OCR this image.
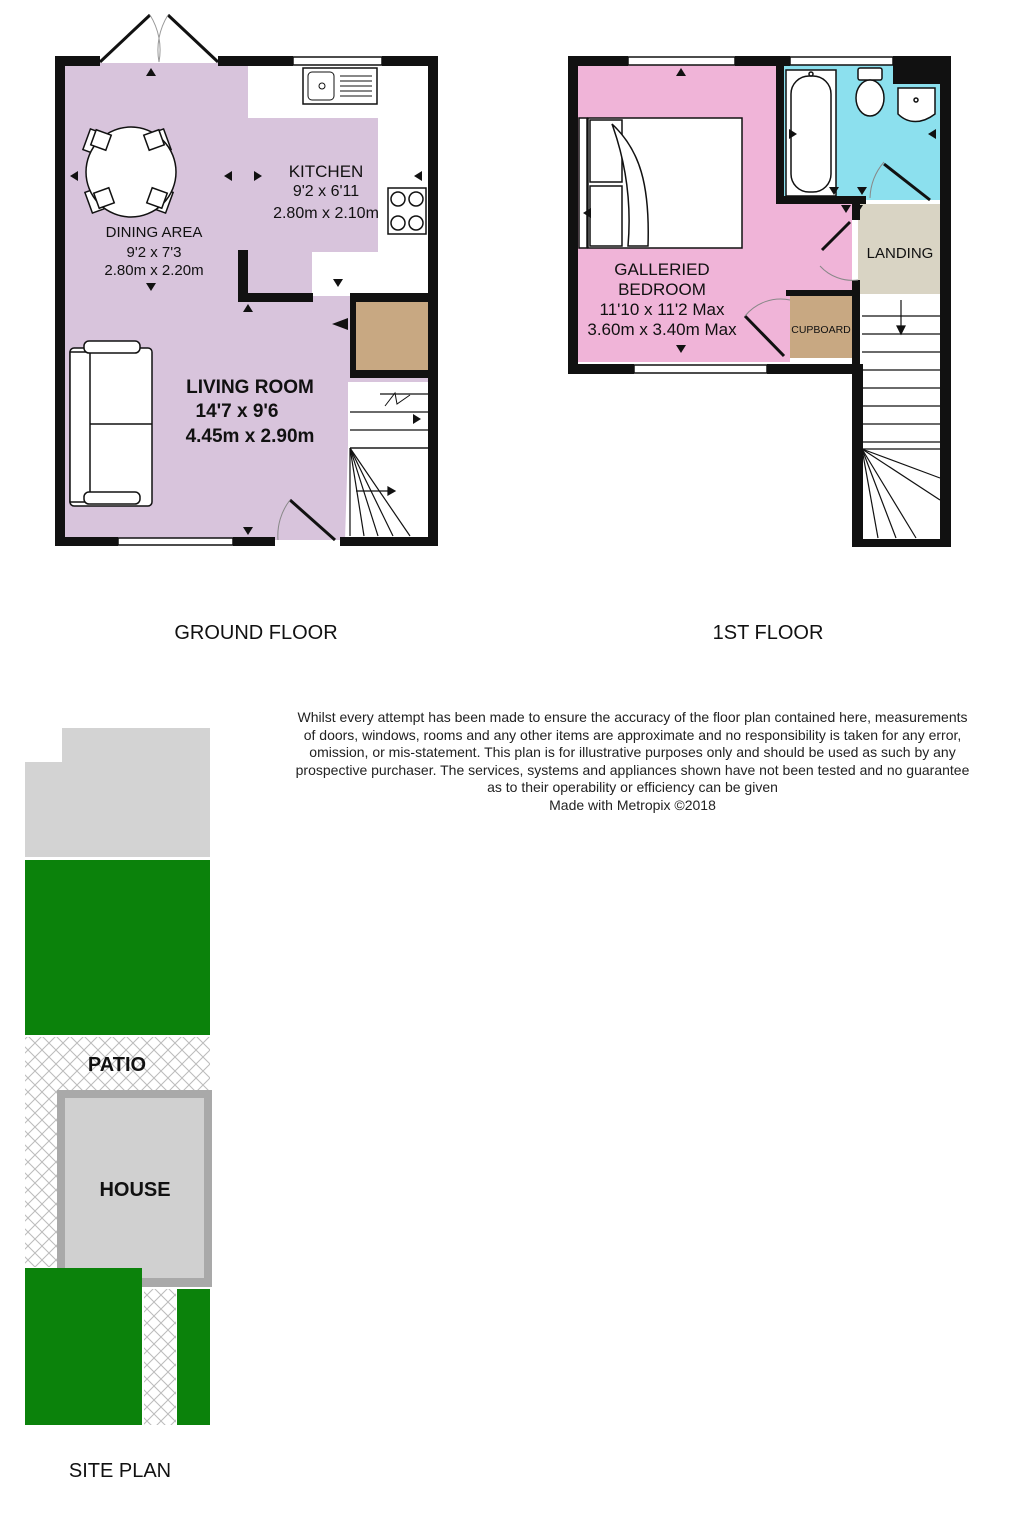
KITCHEN
9'2 x 6'11
2.80m x 2.10m
DINING AREA
9'2 x 7'3
2.80m x 2.20m
LIVING ROOM
14'7 x 9'6
4.45m x 2.90m
GALLERIED
BEDROOM
11'10 x 11'2 Max
3.60m x 3.40m Max
LANDING
CUPBOARD
GROUND FLOOR	1ST FLOOR
PATIO
HOUSE
SITE PLAN
Whilst every attempt has been made to ensure the accuracy of the floor plan contained here, measurements
of doors, windows, rooms and any other items are approximate and no responsibility is taken for any error,
omission, or mis-statement. This plan is for illustrative purposes only and should be used as such by any
prospective purchaser. The services, systems and appliances shown have not been tested and no guarantee
as to their operability or efficiency can be given
Made with Metropix ©2018
